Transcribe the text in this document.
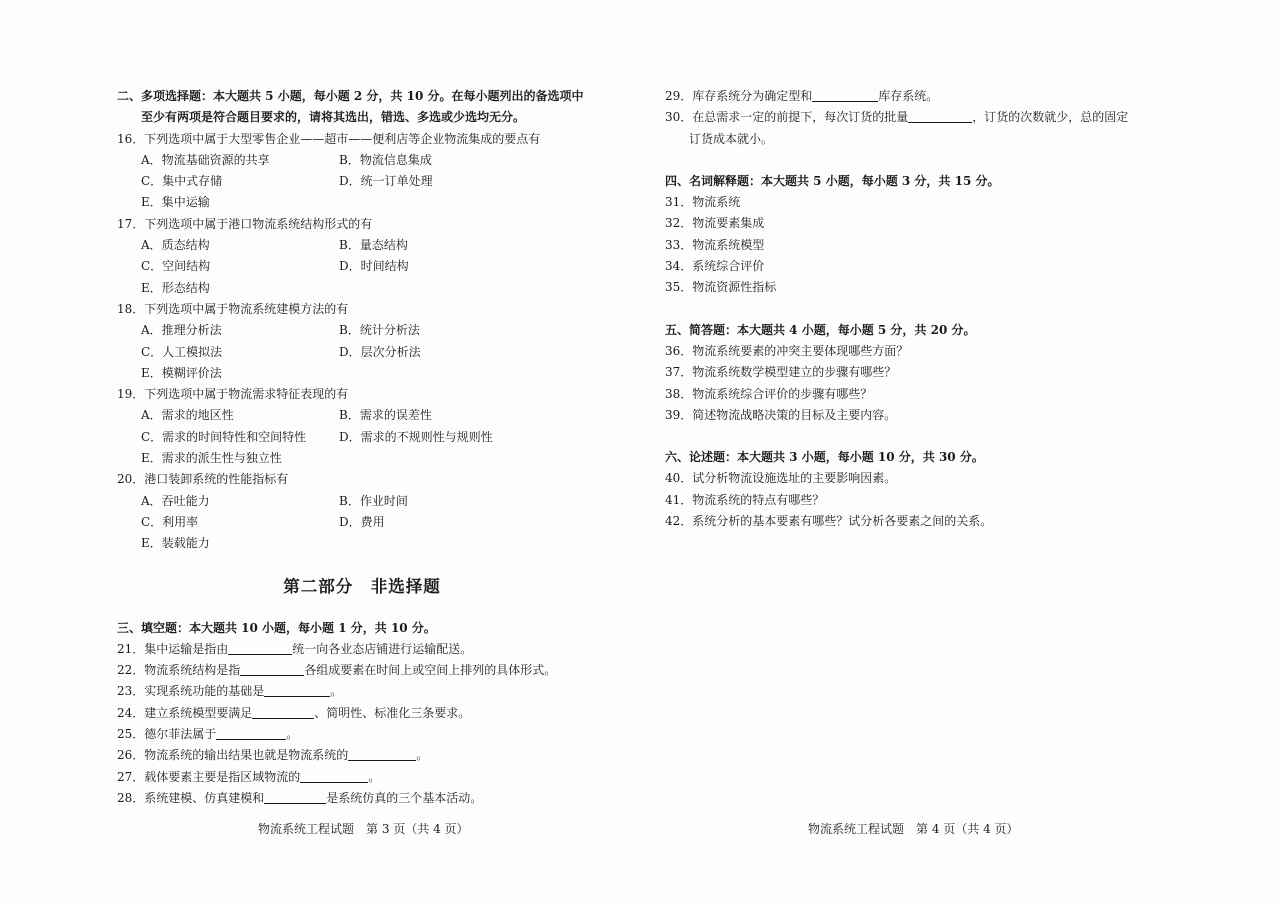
二、多项选择题：本大题共 5 小题，每小题 2 分，共 10 分。在每小题列出的备选项中
至少有两项是符合题目要求的，请将其选出，错选、多选或少选均无分。
16．下列选项中属于大型零售企业——超市——便利店等企业物流集成的要点有
A．物流基础资源的共享	B．物流信息集成
C．集中式存储	D．统一订单处理
E．集中运输
17．下列选项中属于港口物流系统结构形式的有
A．质态结构	B．量态结构
C．空间结构	D．时间结构
E．形态结构
18．下列选项中属于物流系统建模方法的有
A．推理分析法	B．统计分析法
C．人工模拟法	D．层次分析法
E．模糊评价法
19．下列选项中属于物流需求特征表现的有
A．需求的地区性	B．需求的误差性
C．需求的时间特性和空间特性	D．需求的不规则性与规则性
E．需求的派生性与独立性
20．港口装卸系统的性能指标有
A．吞吐能力	B．作业时间
C．利用率	D．费用
E．装载能力
第二部分　非选择题
三、填空题：本大题共 10 小题，每小题 1 分，共 10 分。
21．集中运输是指由	统一向各业态店铺进行运输配送。
22．物流系统结构是指	各组成要素在时间上或空间上排列的具体形式。
23．实现系统功能的基础是	。
24．建立系统模型要满足	、简明性、标准化三条要求。
25．德尔菲法属于	。
26．物流系统的输出结果也就是物流系统的	。
27．载体要素主要是指区域物流的	。
28．系统建模、仿真建模和	是系统仿真的三个基本活动。
29．库存系统分为确定型和	库存系统。
30．在总需求一定的前提下，每次订货的批量	，订货的次数就少，总的固定
订货成本就小。
四、名词解释题：本大题共 5 小题，每小题 3 分，共 15 分。
31．物流系统
32．物流要素集成
33．物流系统模型
34．系统综合评价
35．物流资源性指标
五、简答题：本大题共 4 小题，每小题 5 分，共 20 分。
36．物流系统要素的冲突主要体现哪些方面？
37．物流系统数学模型建立的步骤有哪些？
38．物流系统综合评价的步骤有哪些？
39．简述物流战略决策的目标及主要内容。
六、论述题：本大题共 3 小题，每小题 10 分，共 30 分。
40．试分析物流设施选址的主要影响因素。
41．物流系统的特点有哪些？
42．系统分析的基本要素有哪些？试分析各要素之间的关系。
物流系统工程试题　第 3 页（共 4 页）	物流系统工程试题　第 4 页（共 4 页）
